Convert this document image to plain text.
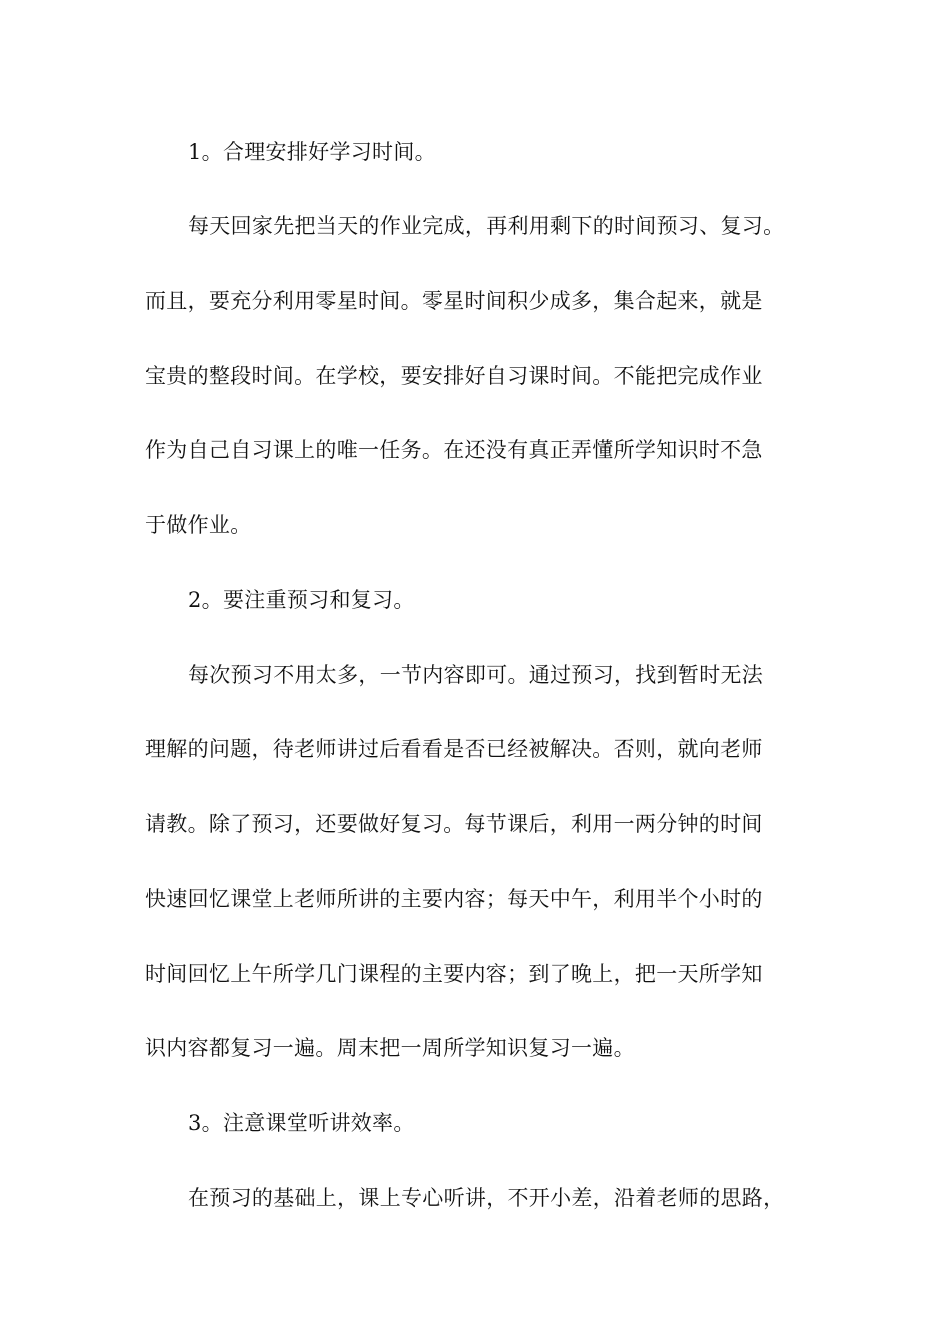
1。合理安排好学习时间。
每天回家先把当天的作业完成，再利用剩下的时间预习、复习。
而且，要充分利用零星时间。零星时间积少成多，集合起来，就是
宝贵的整段时间。在学校，要安排好自习课时间。不能把完成作业
作为自己自习课上的唯一任务。在还没有真正弄懂所学知识时不急
于做作业。
2。要注重预习和复习。
每次预习不用太多，一节内容即可。通过预习，找到暂时无法
理解的问题，待老师讲过后看看是否已经被解决。否则，就向老师
请教。除了预习，还要做好复习。每节课后，利用一两分钟的时间
快速回忆课堂上老师所讲的主要内容；每天中午，利用半个小时的
时间回忆上午所学几门课程的主要内容；到了晚上，把一天所学知
识内容都复习一遍。周末把一周所学知识复习一遍。
3。注意课堂听讲效率。
在预习的基础上，课上专心听讲，不开小差，沿着老师的思路，
